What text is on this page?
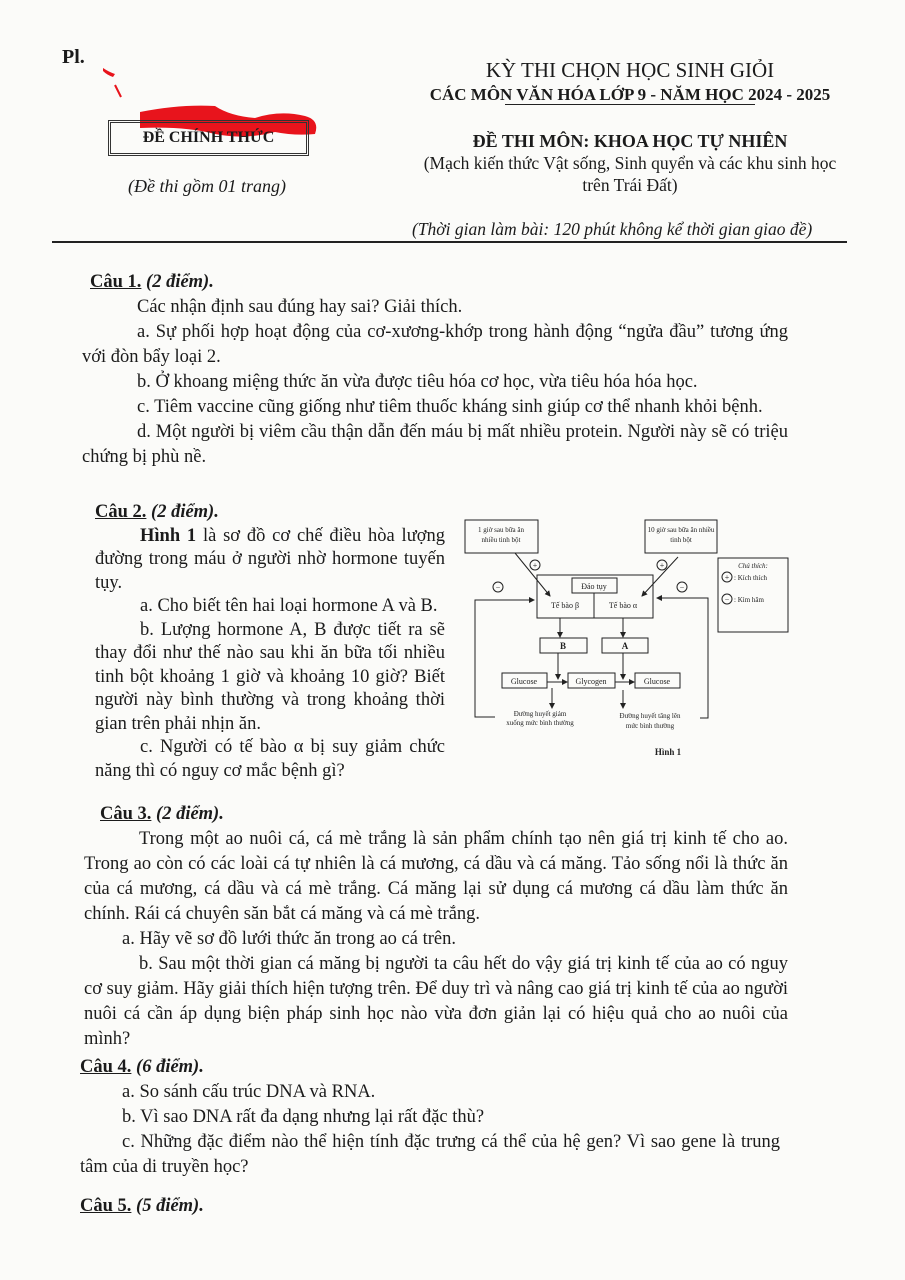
Pl.
ĐỀ CHÍNH THỨC
(Đề thi gồm 01 trang)
KỲ THI CHỌN HỌC SINH GIỎI
CÁC MÔN VĂN HÓA LỚP 9 - NĂM HỌC 2024 - 2025
ĐỀ THI MÔN: KHOA HỌC TỰ NHIÊN
(Mạch kiến thức Vật sống, Sinh quyển và các khu sinh học
trên Trái Đất)
(Thời gian làm bài: 120 phút không kể thời gian giao đề)

Câu 1. (2 điểm).

Các nhận định sau đúng hay sai? Giải thích.

a. Sự phối hợp hoạt động của cơ-xương-khớp trong hành động “ngửa đầu” tương ứng với đòn bẩy loại 2.

b. Ở khoang miệng thức ăn vừa được tiêu hóa cơ học, vừa tiêu hóa hóa học.

c. Tiêm vaccine cũng giống như tiêm thuốc kháng sinh giúp cơ thể nhanh khỏi bệnh.

d. Một người bị viêm cầu thận dẫn đến máu bị mất nhiều protein. Người này sẽ có triệu chứng bị phù nề.

Câu 2. (2 điểm).

Hình 1 là sơ đồ cơ chế điều hòa lượng đường trong máu ở người nhờ hormone tuyến tụy.

a. Cho biết tên hai loại hormone A và B.

b. Lượng hormone A, B được tiết ra sẽ thay đổi như thế nào sau khi ăn bữa tối nhiều tinh bột khoảng 1 giờ và khoảng 10 giờ? Biết người này bình thường và trong khoảng thời gian trên phải nhịn ăn.

c. Người có tế bào α bị suy giảm chức năng thì có nguy cơ mắc bệnh gì?

1 giờ sau bữa ăn
nhiều tinh bột
10 giờ sau bữa ăn nhiều
tinh bột
Đảo tụy
Tế bào β	Tế bào α
B	A
Glucose	Glycogen	Glucose
Đường huyết giảm
xuống mức bình thường
Đường huyết tăng lên
mức bình thường
Chú thích:
+	+
−	−
+
−
Hình 1
: Kích thích
: Kìm hãm

Câu 3. (2 điểm).

Trong một ao nuôi cá, cá mè trắng là sản phẩm chính tạo nên giá trị kinh tế cho ao. Trong ao còn có các loài cá tự nhiên là cá mương, cá dầu và cá măng. Tảo sống nổi là thức ăn của cá mương, cá dầu và cá mè trắng. Cá măng lại sử dụng cá mương cá dầu làm thức ăn chính. Rái cá chuyên săn bắt cá măng và cá mè trắng.

a. Hãy vẽ sơ đồ lưới thức ăn trong ao cá trên.

b. Sau một thời gian cá măng bị người ta câu hết do vậy giá trị kinh tế của ao có nguy cơ suy giảm. Hãy giải thích hiện tượng trên. Để duy trì và nâng cao giá trị kinh tế của ao người nuôi cá cần áp dụng biện pháp sinh học nào vừa đơn giản lại có hiệu quả cho ao nuôi của mình?

Câu 4. (6 điểm).

a. So sánh cấu trúc DNA và RNA.

b. Vì sao DNA rất đa dạng nhưng lại rất đặc thù?

c. Những đặc điểm nào thể hiện tính đặc trưng cá thể của hệ gen? Vì sao gene là trung tâm của di truyền học?

Câu 5. (5 điểm).
